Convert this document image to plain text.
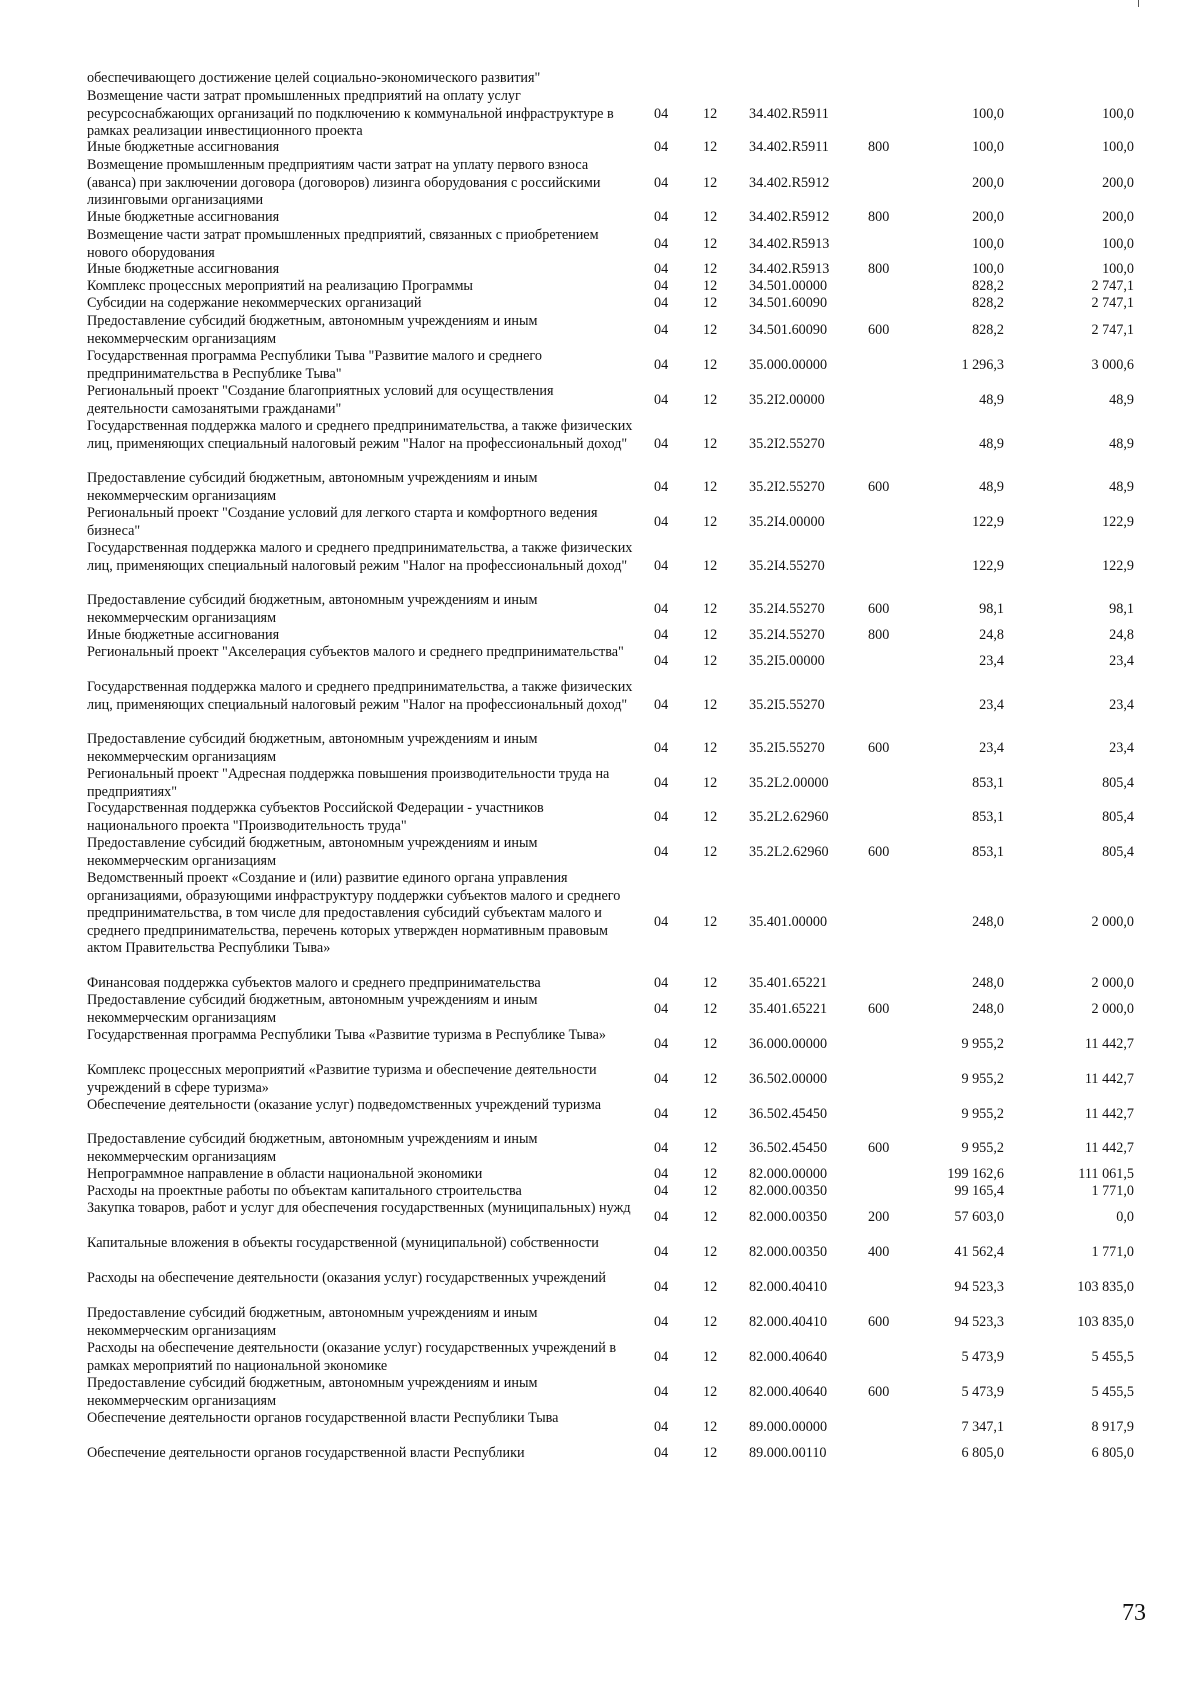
обеспечивающего достижение целей социально-экономического развития"
Возмещение части затрат промышленных предприятий на оплату услуг ресурсоснабжающих организаций по подключению к коммунальной инфраструктуре в рамках реализации инвестиционного проекта
04 12 34.402.R5911	100,0	100,0
Иные бюджетные ассигнования	04 12 34.402.R5911	800	100,0	100,0
Возмещение промышленным предприятиям части затрат на уплату первого взноса (аванса) при заключении договора (договоров) лизинга оборудования с российскими лизинговыми организациями
04 12 34.402.R5912	200,0	200,0
Иные бюджетные ассигнования	04 12 34.402.R5912	800	200,0	200,0
Возмещение части затрат промышленных предприятий, связанных с приобретением нового оборудования
04 12 34.402.R5913	100,0	100,0
Иные бюджетные ассигнования	04 12 34.402.R5913	800	100,0	100,0
Комплекс процессных мероприятий на реализацию Программы	04 12 34.501.00000	828,2	2 747,1
Субсидии на содержание некоммерческих организаций	04 12 34.501.60090	828,2	2 747,1
Предоставление субсидий бюджетным, автономным учреждениям и иным некоммерческим организациям
04 12 34.501.60090	600	828,2	2 747,1
Государственная программа Республики Тыва "Развитие малого и среднего предпринимательства в Республике Тыва"
04 12 35.000.00000	1 296,3	3 000,6
Региональный проект "Создание благоприятных условий для осуществления деятельности самозанятыми гражданами"
04 12 35.2I2.00000	48,9	48,9
Государственная поддержка малого и среднего предпринимательства, а также физических лиц, применяющих специальный налоговый режим "Налог на профессиональный доход"	04 12 35.2I2.55270	48,9	48,9
Предоставление субсидий бюджетным, автономным учреждениям и иным некоммерческим организациям
04 12 35.2I2.55270	600	48,9	48,9
Региональный проект "Создание условий для легкого старта и комфортного ведения бизнеса"
04 12 35.2I4.00000	122,9	122,9
Государственная поддержка малого и среднего предпринимательства, а также физических лиц, применяющих специальный налоговый режим "Налог на профессиональный доход"	04 12 35.2I4.55270	122,9	122,9
Предоставление субсидий бюджетным, автономным учреждениям и иным некоммерческим организациям
04 12 35.2I4.55270	600	98,1	98,1
Иные бюджетные ассигнования	04 12 35.2I4.55270	800	24,8	24,8
Региональный проект "Акселерация субъектов малого и среднего предпринимательства"
04 12 35.2I5.00000	23,4	23,4
Государственная поддержка малого и среднего предпринимательства, а также физических лиц, применяющих специальный налоговый режим "Налог на профессиональный доход"	04 12 35.2I5.55270	23,4	23,4
Предоставление субсидий бюджетным, автономным учреждениям и иным некоммерческим организациям
04 12 35.2I5.55270	600	23,4	23,4
Региональный проект "Адресная поддержка повышения производительности труда на предприятиях"
04 12 35.2L2.00000	853,1	805,4
Государственная поддержка субъектов Российской Федерации - участников национального проекта "Производительность труда"
04 12 35.2L2.62960	853,1	805,4
Предоставление субсидий бюджетным, автономным учреждениям и иным некоммерческим организациям
04 12 35.2L2.62960	600	853,1	805,4
Ведомственный проект «Создание и (или) развитие единого органа управления организациями, образующими инфраструктуру поддержки субъектов малого и среднего предпринимательства, в том числе для предоставления субсидий субъектам малого и среднего предпринимательства, перечень которых утвержден нормативным правовым актом Правительства Республики Тыва»
04 12 35.401.00000	248,0	2 000,0
Финансовая поддержка субъектов малого и среднего предпринимательства	04 12 35.401.65221	248,0	2 000,0
Предоставление субсидий бюджетным, автономным учреждениям и иным некоммерческим организациям
04 12 35.401.65221	600	248,0	2 000,0
Государственная программа Республики Тыва «Развитие туризма в Республике Тыва»
04 12 36.000.00000	9 955,2	11 442,7
Комплекс процессных мероприятий «Развитие туризма и обеспечение деятельности учреждений в сфере туризма»
04 12 36.502.00000	9 955,2	11 442,7
Обеспечение деятельности (оказание услуг) подведомственных учреждений туризма
04 12 36.502.45450	9 955,2	11 442,7
Предоставление субсидий бюджетным, автономным учреждениям и иным некоммерческим организациям
04 12 36.502.45450	600	9 955,2	11 442,7
Непрограммное направление в области национальной экономики	04 12 82.000.00000	199 162,6	111 061,5
Расходы на проектные работы по объектам капитального строительства	04 12 82.000.00350	99 165,4	1 771,0
Закупка товаров, работ и услуг для обеспечения государственных (муниципальных) нужд
04 12 82.000.00350	200	57 603,0	0,0
Капитальные вложения в объекты государственной (муниципальной) собственности
04 12 82.000.00350	400	41 562,4	1 771,0
Расходы на обеспечение деятельности (оказания услуг) государственных учреждений
04 12 82.000.40410	94 523,3	103 835,0
Предоставление субсидий бюджетным, автономным учреждениям и иным некоммерческим организациям
04 12 82.000.40410	600	94 523,3	103 835,0
Расходы на обеспечение деятельности (оказание услуг) государственных учреждений в рамках мероприятий по национальной экономике
04 12 82.000.40640	5 473,9	5 455,5
Предоставление субсидий бюджетным, автономным учреждениям и иным некоммерческим организациям
04 12 82.000.40640	600	5 473,9	5 455,5
Обеспечение деятельности органов государственной власти Республики Тыва
04 12 89.000.00000	7 347,1	8 917,9
Обеспечение деятельности органов государственной власти Республики	04 12 89.000.00110	6 805,0	6 805,0
73
